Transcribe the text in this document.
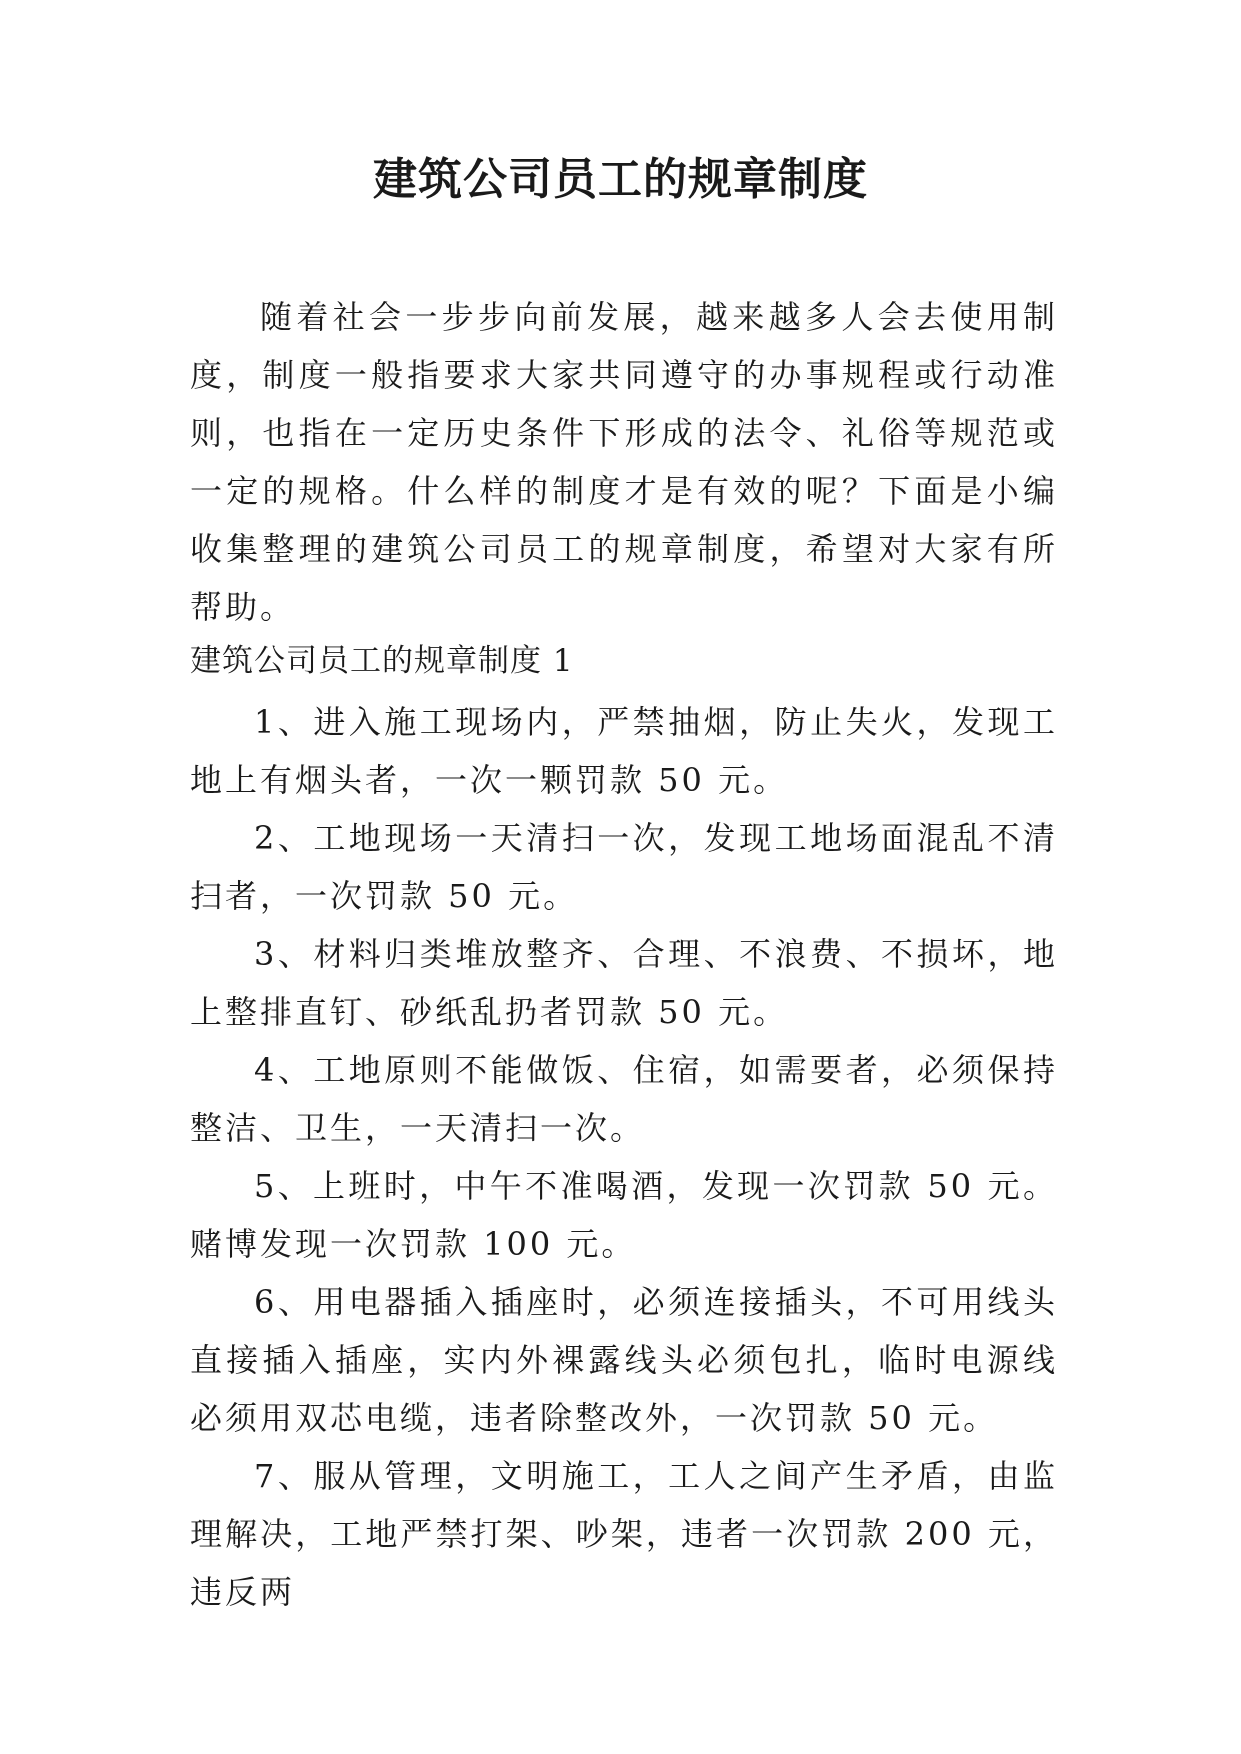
建筑公司员工的规章制度

随着社会一步步向前发展，越来越多人会去使用制度，制度一般指要求大家共同遵守的办事规程或行动准则，也指在一定历史条件下形成的法令、礼俗等规范或一定的规格。什么样的制度才是有效的呢？下面是小编收集整理的建筑公司员工的规章制度，希望对大家有所帮助。

建筑公司员工的规章制度 1

1、进入施工现场内，严禁抽烟，防止失火，发现工地上有烟头者，一次一颗罚款 50 元。
2、工地现场一天清扫一次，发现工地场面混乱不清扫者，一次罚款 50 元。
3、材料归类堆放整齐、合理、不浪费、不损坏，地上整排直钉、砂纸乱扔者罚款 50 元。
4、工地原则不能做饭、住宿，如需要者，必须保持整洁、卫生，一天清扫一次。
5、上班时，中午不准喝酒，发现一次罚款 50 元。赌博发现一次罚款 100 元。
6、用电器插入插座时，必须连接插头，不可用线头直接插入插座，实内外裸露线头必须包扎，临时电源线必须用双芯电缆，违者除整改外，一次罚款 50 元。
7、服从管理，文明施工，工人之间产生矛盾，由监理解决，工地严禁打架、吵架，违者一次罚款 200 元，违反两
